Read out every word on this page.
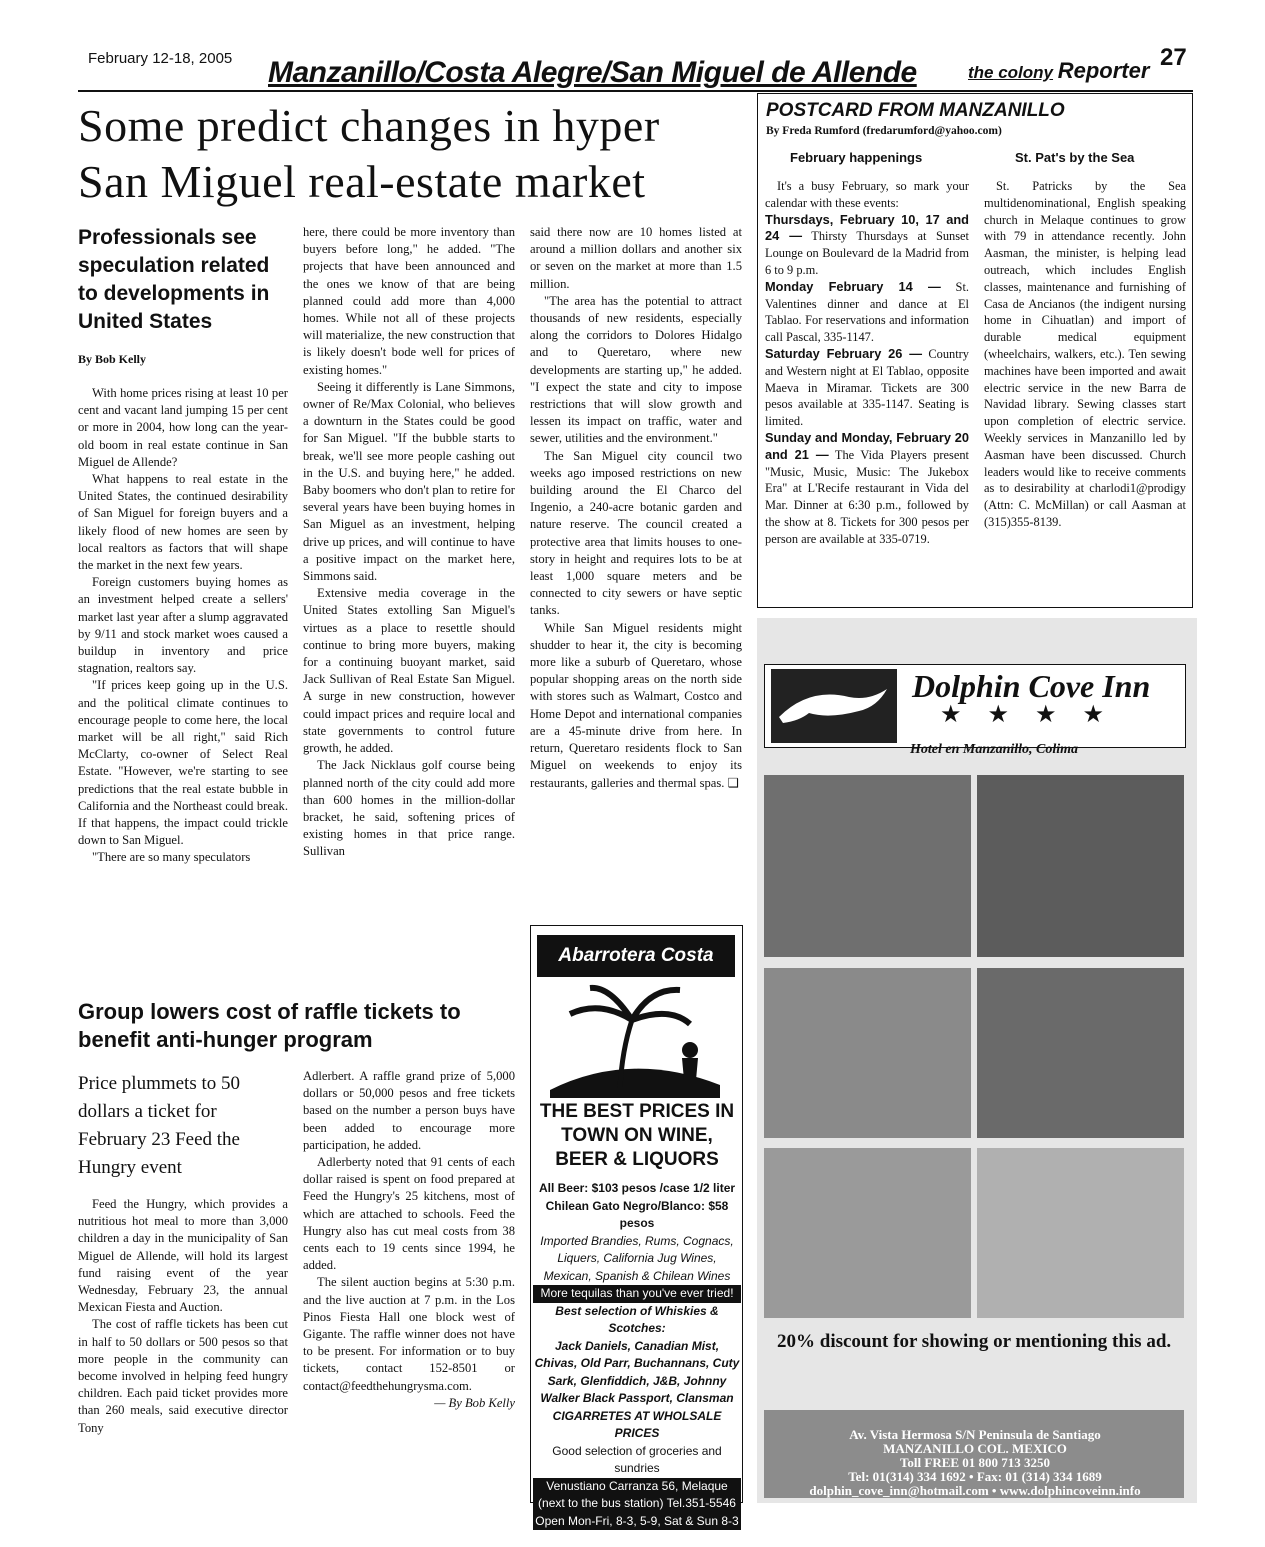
February 12-18, 2005 Manzanillo/Costa Alegre/San Miguel de Allende	the colony Reporter 27
Some predict changes in hyper
San Miguel real-estate market
Professionals see speculation related to developments in United States
By Bob Kelly

With home prices rising at least 10 per cent and vacant land jumping 15 per cent or more in 2004, how long can the year-old boom in real estate continue in San Miguel de Allende?

What happens to real estate in the United States, the continued desirability of San Miguel for foreign buyers and a likely flood of new homes are seen by local realtors as factors that will shape the market in the next few years.

Foreign customers buying homes as an investment helped create a sellers' market last year after a slump aggravated by 9/11 and stock market woes caused a buildup in inventory and price stagnation, realtors say.

"If prices keep going up in the U.S. and the political climate continues to encourage people to come here, the local market will be all right," said Rich McClarty, co-owner of Select Real Estate. "However, we're starting to see predictions that the real estate bubble in California and the Northeast could break. If that happens, the impact could trickle down to San Miguel.

"There are so many speculators

here, there could be more inventory than buyers before long," he added. "The projects that have been announced and the ones we know of that are being planned could add more than 4,000 homes. While not all of these projects will materialize, the new construction that is likely doesn't bode well for prices of existing homes."

Seeing it differently is Lane Simmons, owner of Re/Max Colonial, who believes a downturn in the States could be good for San Miguel. "If the bubble starts to break, we'll see more people cashing out in the U.S. and buying here," he added. Baby boomers who don't plan to retire for several years have been buying homes in San Miguel as an investment, helping drive up prices, and will continue to have a positive impact on the market here, Simmons said.

Extensive media coverage in the United States extolling San Miguel's virtues as a place to resettle should continue to bring more buyers, making for a continuing buoyant market, said Jack Sullivan of Real Estate San Miguel. A surge in new construction, however could impact prices and require local and state governments to control future growth, he added.

The Jack Nicklaus golf course being planned north of the city could add more than 600 homes in the million-dollar bracket, he said, softening prices of existing homes in that price range. Sullivan

said there now are 10 homes listed at around a million dollars and another six or seven on the market at more than 1.5 million.

"The area has the potential to attract thousands of new residents, especially along the corridors to Dolores Hidalgo and to Queretaro, where new developments are starting up," he added. "I expect the state and city to impose restrictions that will slow growth and lessen its impact on traffic, water and sewer, utilities and the environment."

The San Miguel city council two weeks ago imposed restrictions on new building around the El Charco del Ingenio, a 240-acre botanic garden and nature reserve. The council created a protective area that limits houses to one-story in height and requires lots to be at least 1,000 square meters and be connected to city sewers or have septic tanks.

While San Miguel residents might shudder to hear it, the city is becoming more like a suburb of Queretaro, whose popular shopping areas on the north side with stores such as Walmart, Costco and Home Depot and international companies are a 45-minute drive from here. In return, Queretaro residents flock to San Miguel on weekends to enjoy its restaurants, galleries and thermal spas. ❑

Group lowers cost of raffle tickets to benefit anti-hunger program
Price plummets to 50 dollars a ticket for February 23 Feed the Hungry event

Feed the Hungry, which provides a nutritious hot meal to more than 3,000 children a day in the municipality of San Miguel de Allende, will hold its largest fund raising event of the year Wednesday, February 23, the annual Mexican Fiesta and Auction.

The cost of raffle tickets has been cut in half to 50 dollars or 500 pesos so that more people in the community can become involved in helping feed hungry children. Each paid ticket provides more than 260 meals, said executive director Tony

Adlerbert. A raffle grand prize of 5,000 dollars or 50,000 pesos and free tickets based on the number a person buys have been added to encourage more participation, he added.

Adlerberty noted that 91 cents of each dollar raised is spent on food prepared at Feed the Hungry's 25 kitchens, most of which are attached to schools. Feed the Hungry also has cut meal costs from 38 cents each to 19 cents since 1994, he added.

The silent auction begins at 5:30 p.m. and the live auction at 7 p.m. in the Los Pinos Fiesta Hall one block west of Gigante. The raffle winner does not have to be present. For information or to buy tickets, contact 152-8501 or contact@feedthehungrysma.com.

— By Bob Kelly
POSTCARD FROM MANZANILLO
By Freda Rumford (fredarumford@yahoo.com)
February happenings	St. Pat's by the Sea

It's a busy February, so mark your calendar with these events:

Thursdays, February 10, 17 and 24 — Thirsty Thursdays at Sunset Lounge on Boulevard de la Madrid from 6 to 9 p.m.
Monday February 14 — St. Valentines dinner and dance at El Tablao. For reservations and information call Pascal, 335-1147.
Saturday February 26 — Country and Western night at El Tablao, opposite Maeva in Miramar. Tickets are 300 pesos available at 335-1147. Seating is limited.
Sunday and Monday, February 20 and 21 — The Vida Players present "Music, Music, Music: The Jukebox Era" at L'Recife restaurant in Vida del Mar. Dinner at 6:30 p.m., followed by the show at 8. Tickets for 300 pesos per person are available at 335-0719.

St. Patricks by the Sea multidenominational, English speaking church in Melaque continues to grow with 79 in attendance recently. John Aasman, the minister, is helping lead outreach, which includes English classes, maintenance and furnishing of Casa de Ancianos (the indigent nursing home in Cihuatlan) and import of durable medical equipment (wheelchairs, walkers, etc.). Ten sewing machines have been imported and await electric service in the new Barra de Navidad library. Sewing classes start upon completion of electric service. Weekly services in Manzanillo led by Aasman have been discussed. Church leaders would like to receive comments as to desirability at charlodi1@prodigy (Attn: C. McMillan) or call Aasman at (315)355-8139.

Dolphin Cove Inn
★★★★
Hotel en Manzanillo, Colima
20% discount for showing or mentioning this ad.
Av. Vista Hermosa S/N Peninsula de Santiago
MANZANILLO COL. MEXICO
Toll FREE 01 800 713 3250
Tel: 01(314) 334 1692 • Fax: 01 (314) 334 1689
dolphin_cove_inn@hotmail.com • www.dolphincoveinn.info
Abarrotera Costa Alegre
THE BEST PRICES IN TOWN ON WINE, BEER & LIQUORS
All Beer: $103 pesos /case 1/2 liter
Chilean Gato Negro/Blanco: $58 pesos
Imported Brandies, Rums, Cognacs, Liquers, California Jug Wines, Mexican, Spanish & Chilean Wines
More tequilas than you've ever tried!
Best selection of Whiskies & Scotches:
Jack Daniels, Canadian Mist, Chivas, Old Parr, Buchannans, Cuty Sark, Glenfiddich, J&B, Johnny Walker Black Passport, Clansman
CIGARRETES AT WHOLSALE PRICES
Good selection of groceries and sundries
Venustiano Carranza 56, Melaque (next to the bus station) Tel.351-5546 Open Mon-Fri, 8-3, 5-9, Sat & Sun 8-3
